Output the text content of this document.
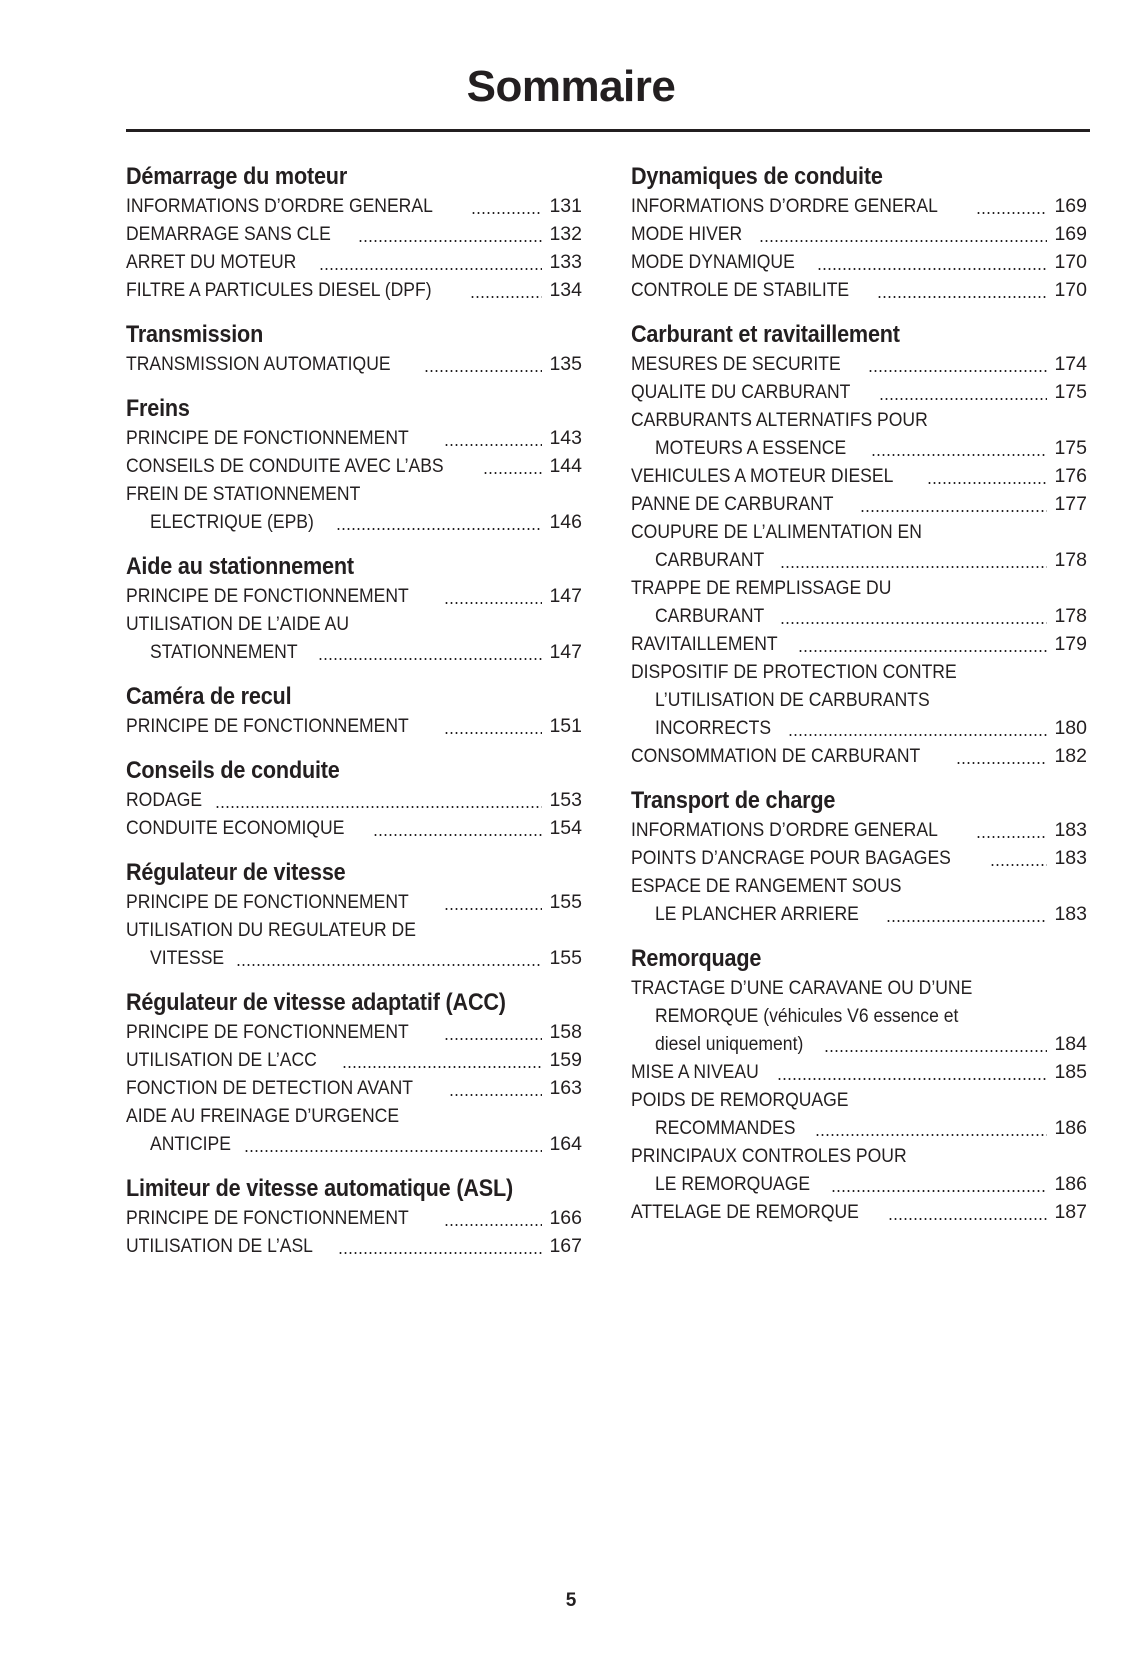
Sommaire
Démarrage du moteur
INFORMATIONS D’ORDRE GENERAL	131
DEMARRAGE SANS CLE	132
ARRET DU MOTEUR	133
FILTRE A PARTICULES DIESEL (DPF)	134
Transmission
TRANSMISSION AUTOMATIQUE	135
Freins
PRINCIPE DE FONCTIONNEMENT	143
CONSEILS DE CONDUITE AVEC L’ABS	144
FREIN DE STATIONNEMENT
ELECTRIQUE (EPB)	146
Aide au stationnement
PRINCIPE DE FONCTIONNEMENT	147
UTILISATION DE L’AIDE AU
STATIONNEMENT	147
Caméra de recul
PRINCIPE DE FONCTIONNEMENT	151
Conseils de conduite
RODAGE	153
CONDUITE ECONOMIQUE	154
Régulateur de vitesse
PRINCIPE DE FONCTIONNEMENT	155
UTILISATION DU REGULATEUR DE
VITESSE	155
Régulateur de vitesse adaptatif (ACC)
PRINCIPE DE FONCTIONNEMENT	158
UTILISATION DE L’ACC	159
FONCTION DE DETECTION AVANT	163
AIDE AU FREINAGE D’URGENCE
ANTICIPE	164
Limiteur de vitesse automatique (ASL)
PRINCIPE DE FONCTIONNEMENT	166
UTILISATION DE L’ASL	167
Dynamiques de conduite
INFORMATIONS D’ORDRE GENERAL	169
MODE HIVER	169
MODE DYNAMIQUE	170
CONTROLE DE STABILITE	170
Carburant et ravitaillement
MESURES DE SECURITE	174
QUALITE DU CARBURANT	175
CARBURANTS ALTERNATIFS POUR
MOTEURS A ESSENCE	175
VEHICULES A MOTEUR DIESEL	176
PANNE DE CARBURANT	177
COUPURE DE L’ALIMENTATION EN
CARBURANT	178
TRAPPE DE REMPLISSAGE DU
CARBURANT	178
RAVITAILLEMENT	179
DISPOSITIF DE PROTECTION CONTRE
L’UTILISATION DE CARBURANTS
INCORRECTS	180
CONSOMMATION DE CARBURANT	182
Transport de charge
INFORMATIONS D’ORDRE GENERAL	183
POINTS D’ANCRAGE POUR BAGAGES	183
ESPACE DE RANGEMENT SOUS
LE PLANCHER ARRIERE	183
Remorquage
TRACTAGE D’UNE CARAVANE OU D’UNE
REMORQUE (véhicules V6 essence et
diesel uniquement)	184
MISE A NIVEAU	185
POIDS DE REMORQUAGE
RECOMMANDES	186
PRINCIPAUX CONTROLES POUR
LE REMORQUAGE	186
ATTELAGE DE REMORQUE	187
5
